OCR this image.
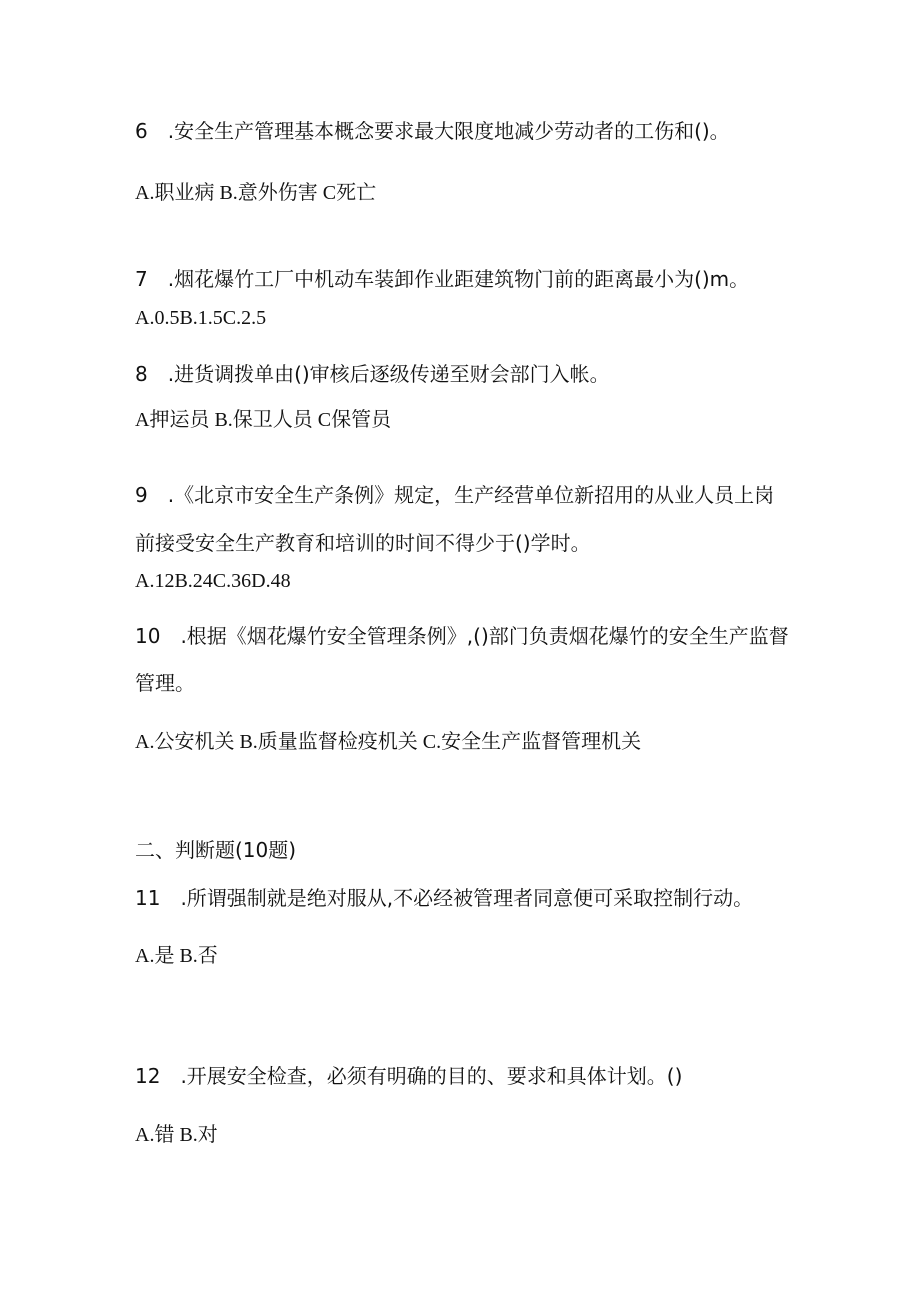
6　.安全生产管理基本概念要求最大限度地减少劳动者的工伤和()。
A.职业病 B.意外伤害 C死亡
7　.烟花爆竹工厂中机动车装卸作业距建筑物门前的距离最小为()m。
A.0.5B.1.5C.2.5
8　.进货调拨单由()审核后逐级传递至财会部门入帐。
A押运员 B.保卫人员 C保管员
9　.《北京市安全生产条例》规定，生产经营单位新招用的从业人员上岗
前接受安全生产教育和培训的时间不得少于()学时。
A.12B.24C.36D.48
10　.根据《烟花爆竹安全管理条例》,()部门负责烟花爆竹的安全生产监督
管理。
A.公安机关 B.质量监督检疫机关 C.安全生产监督管理机关
二、判断题(10题)
11　.所谓强制就是绝对服从,不必经被管理者同意便可采取控制行动。
A.是 B.否
12　.开展安全检查，必须有明确的目的、要求和具体计划。()
A.错 B.对
